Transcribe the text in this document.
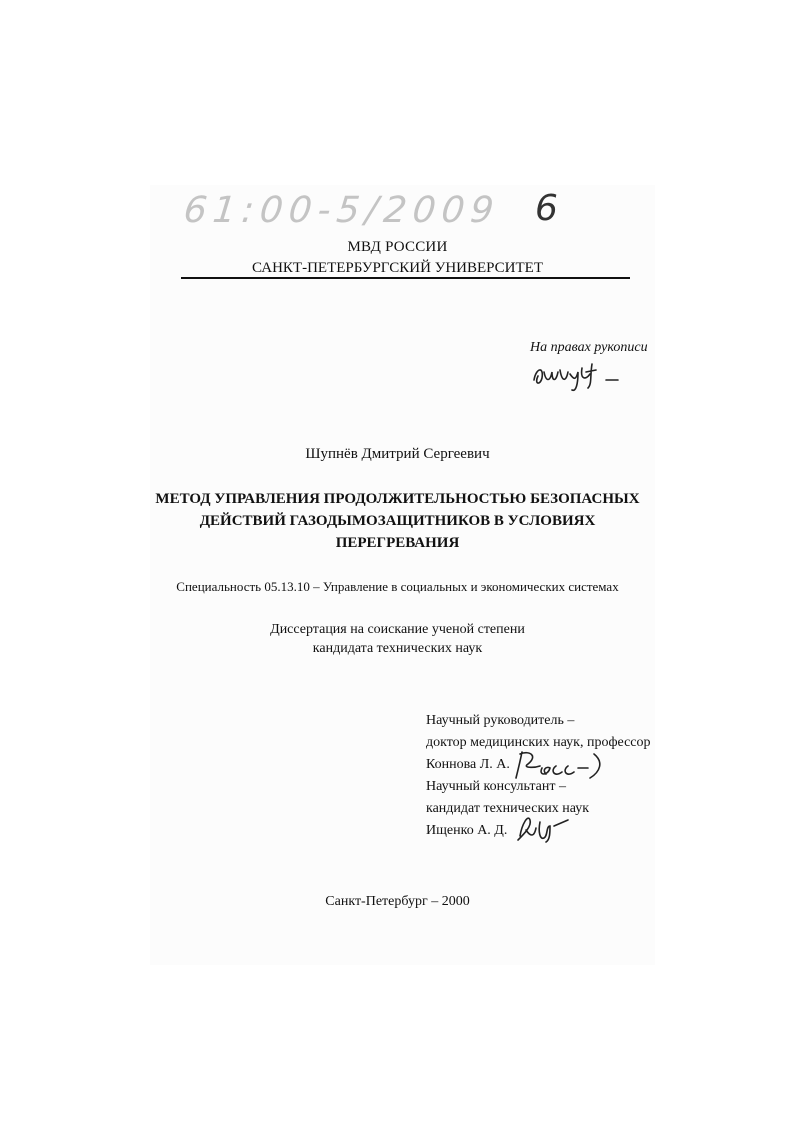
61:00-5/2009 6
МВД РОССИИ
САНКТ-ПЕТЕРБУРГСКИЙ УНИВЕРСИТЕТ
На правах рукописи
Шупнёв Дмитрий Сергеевич
МЕТОД УПРАВЛЕНИЯ ПРОДОЛЖИТЕЛЬНОСТЬЮ БЕЗОПАСНЫХ
ДЕЙСТВИЙ ГАЗОДЫМОЗАЩИТНИКОВ В УСЛОВИЯХ
ПЕРЕГРЕВАНИЯ
Специальность 05.13.10 – Управление в социальных и экономических системах
Диссертация на соискание ученой степени
кандидата технических наук
Научный руководитель –
доктор медицинских наук, профессор
Коннова Л. А.
Научный консультант –
кандидат технических наук
Ищенко А. Д.
Санкт-Петербург – 2000
